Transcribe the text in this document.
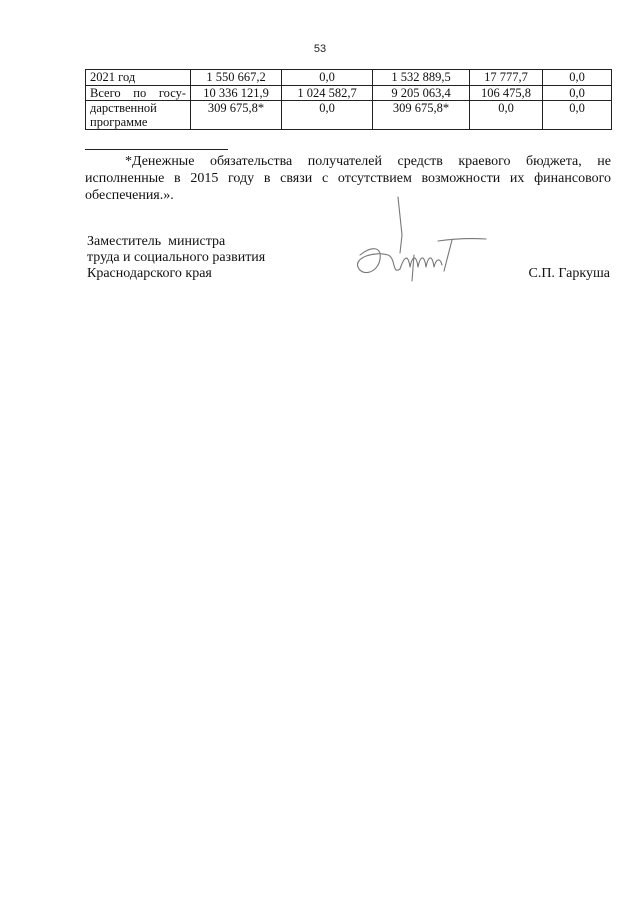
53
2021 год	1 550 667,2	0,0	1 532 889,5	17 777,7	0,0
Всего по госу-	10 336 121,9	1 024 582,7	9 205 063,4	106 475,8	0,0
дарственной программе	309 675,8*	0,0	309 675,8*	0,0	0,0
*Денежные обязательства получателей средств краевого бюджета, не исполненные в 2015 году в связи с отсутствием возможности их финансового обеспечения.».
Заместитель  министра
труда и социального развития
Краснодарского края	С.П. Гаркуша
